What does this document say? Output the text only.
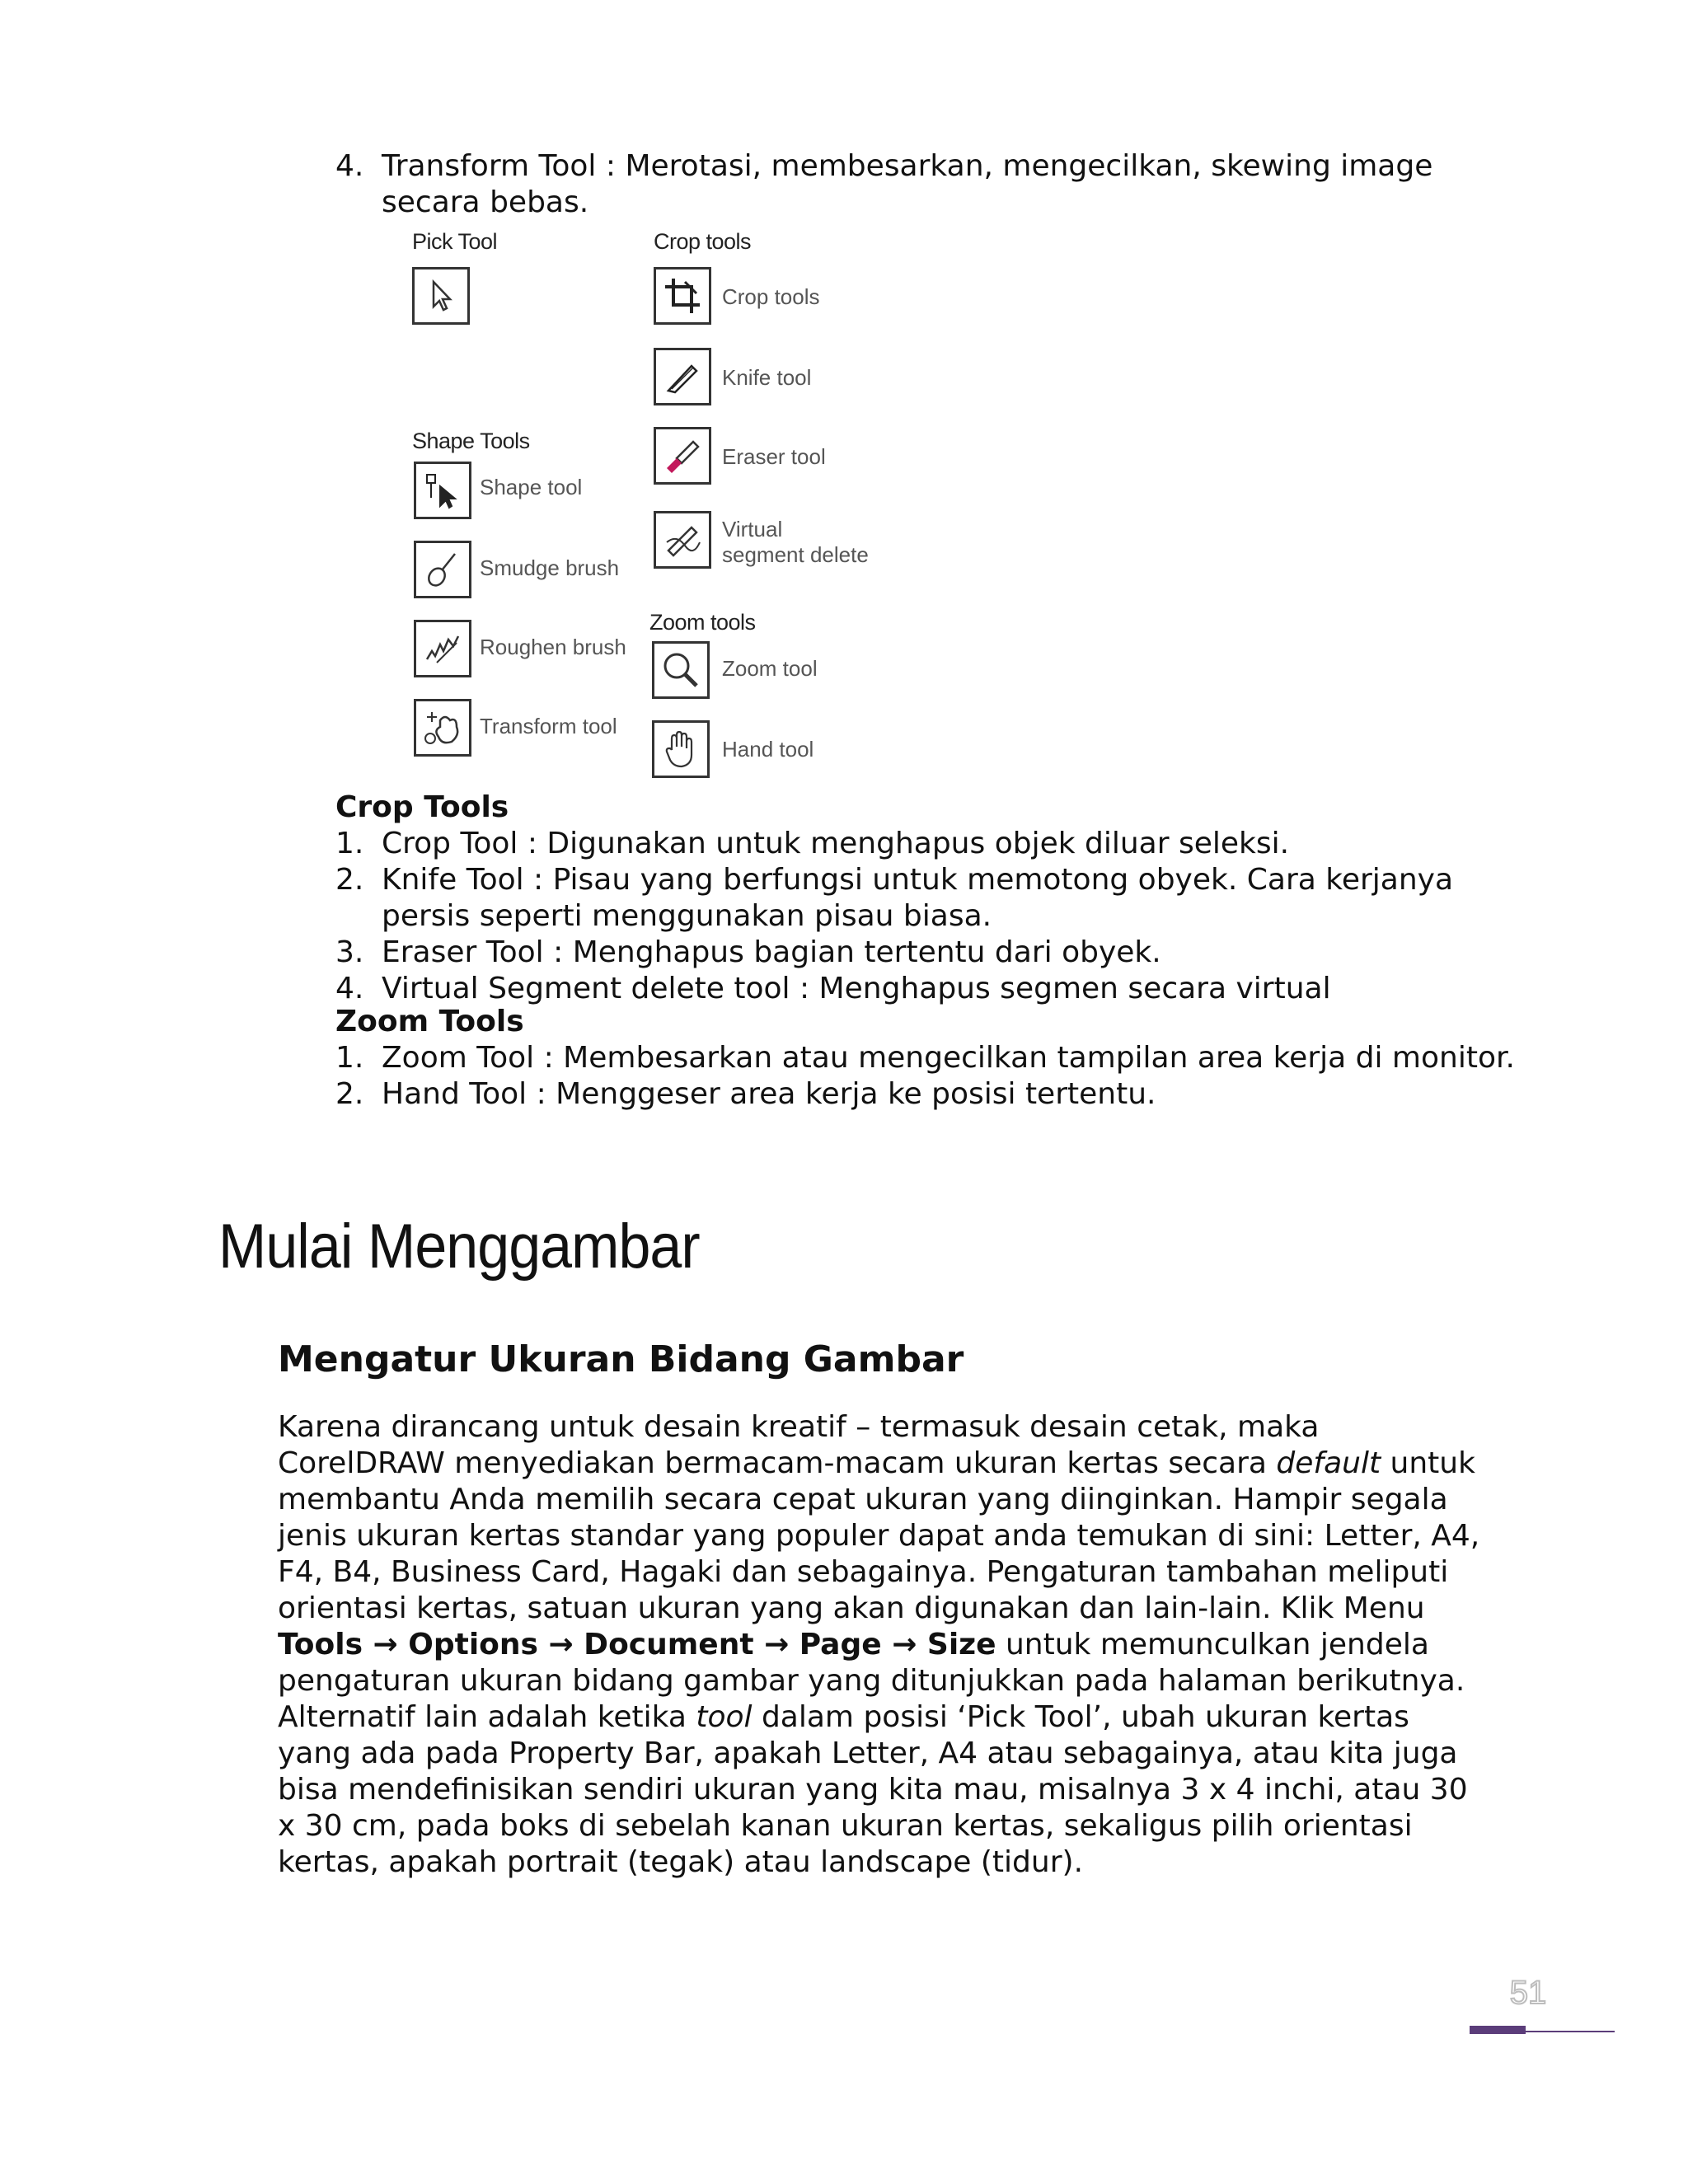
4. Transform Tool : Merotasi, membesarkan, mengecilkan, skewing image
secara bebas.
Pick Tool	Crop tools
Crop tools
Knife tool
Eraser tool
Virtual
segment delete
Shape Tools
Shape tool
Smudge brush
Roughen brush
Transform tool
Zoom tools
Zoom tool
Hand tool
Crop Tools
1. Crop Tool : Digunakan untuk menghapus objek diluar seleksi.
2. Knife Tool : Pisau yang berfungsi untuk memotong obyek. Cara kerjanya
persis seperti menggunakan pisau biasa.
3. Eraser Tool : Menghapus bagian tertentu dari obyek.
4. Virtual Segment delete tool : Menghapus segmen secara virtual
Zoom Tools
1. Zoom Tool : Membesarkan atau mengecilkan tampilan area kerja di monitor.
2. Hand Tool : Menggeser area kerja ke posisi tertentu.
Mulai Menggambar
Mengatur Ukuran Bidang Gambar

Karena dirancang untuk desain kreatif – termasuk desain cetak, maka CorelDRAW menyediakan bermacam-macam ukuran kertas secara default untuk membantu Anda memilih secara cepat ukuran yang diinginkan. Hampir segala jenis ukuran kertas standar yang populer dapat anda temukan di sini: Letter, A4, F4, B4, Business Card, Hagaki dan sebagainya. Pengaturan tambahan meliputi orientasi kertas, satuan ukuran yang akan digunakan dan lain-lain. Klik Menu Tools → Options → Document → Page → Size untuk memunculkan jendela pengaturan ukuran bidang gambar yang ditunjukkan pada halaman berikutnya.

Alternatif lain adalah ketika tool dalam posisi ‘Pick Tool’, ubah ukuran kertas yang ada pada Property Bar, apakah Letter, A4 atau sebagainya, atau kita juga bisa mendefinisikan sendiri ukuran yang kita mau, misalnya 3 x 4 inchi, atau 30 x 30 cm, pada boks di sebelah kanan ukuran kertas, sekaligus pilih orientasi kertas, apakah portrait (tegak) atau landscape (tidur).

51
